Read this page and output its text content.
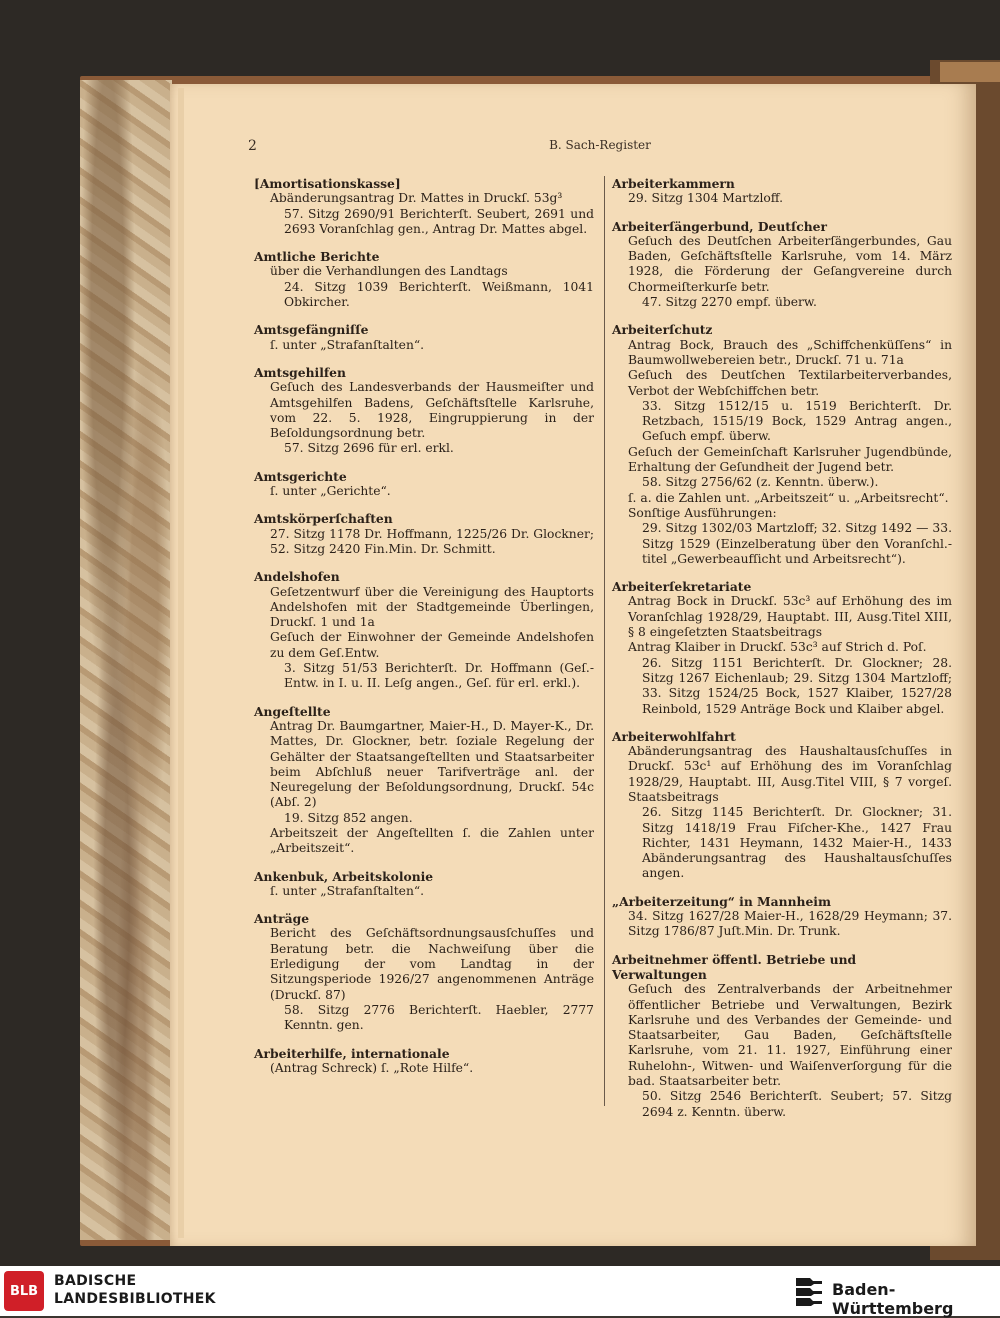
2	B. Sach-Register
[Amortisationskasse]
Abänderungsantrag Dr. Mattes in Druckſ. 53g³
57. Sitzg 2690/91 Berichterſt. Seubert, 2691 und 2693 Voranſchlag gen., Antrag Dr. Mattes abgel.
Amtliche Berichte
über die Verhandlungen des Landtags
24. Sitzg 1039 Berichterſt. Weißmann, 1041 Obkircher.
Amtsgefängniſſe
ſ. unter „Strafanſtalten“.
Amtsgehilfen
Geſuch des Landesverbands der Hausmeiſter und Amtsgehilfen Badens, Geſchäftsſtelle Karlsruhe, vom 22. 5. 1928, Eingruppierung in der Beſoldungsordnung betr.
57. Sitzg 2696 für erl. erkl.
Amtsgerichte
ſ. unter „Gerichte“.
Amtskörperſchaften
27. Sitzg 1178 Dr. Hoffmann, 1225/26 Dr. Glockner; 52. Sitzg 2420 Fin.Min. Dr. Schmitt.
Andelshofen
Geſetzentwurf über die Vereinigung des Hauptorts Andelshofen mit der Stadtgemeinde Überlingen, Druckſ. 1 und 1a
Geſuch der Einwohner der Gemeinde Andelshofen zu dem Geſ.Entw.
3. Sitzg 51/53 Berichterſt. Dr. Hoffmann (Geſ.-Entw. in I. u. II. Leſg angen., Geſ. für erl. erkl.).
Angeſtellte
Antrag Dr. Baumgartner, Maier-H., D. Mayer-K., Dr. Mattes, Dr. Glockner, betr. ſoziale Regelung der Gehälter der Staatsangeſtellten und Staatsarbeiter beim Abſchluß neuer Tarifverträge anl. der Neuregelung der Beſoldungsordnung, Druckſ. 54c (Abſ. 2)
19. Sitzg 852 angen.
Arbeitszeit der Angeſtellten ſ. die Zahlen unter „Arbeitszeit“.
Ankenbuk, Arbeitskolonie
ſ. unter „Strafanſtalten“.
Anträge
Bericht des Geſchäftsordnungsausſchuſſes und Beratung betr. die Nachweiſung über die Erledigung der vom Landtag in der Sitzungsperiode 1926/27 angenommenen Anträge (Druckſ. 87)
58. Sitzg 2776 Berichterſt. Haebler, 2777 Kenntn. gen.
Arbeiterhilfe, internationale
(Antrag Schreck) ſ. „Rote Hilfe“.
Arbeiterkammern
29. Sitzg 1304 Martzloff.
Arbeiterſängerbund, Deutſcher
Geſuch des Deutſchen Arbeiterſängerbundes, Gau Baden, Geſchäftsſtelle Karlsruhe, vom 14. März 1928, die Förderung der Geſangvereine durch Chormeiſterkurſe betr.
47. Sitzg 2270 empf. überw.
Arbeiterſchutz
Antrag Bock, Brauch des „Schiffchenküſſens“ in Baumwollwebereien betr., Druckſ. 71 u. 71a
Geſuch des Deutſchen Textilarbeiterverbandes, Verbot der Webſchiffchen betr.
33. Sitzg 1512/15 u. 1519 Berichterſt. Dr. Retzbach, 1515/19 Bock, 1529 Antrag angen., Geſuch empf. überw.
Geſuch der Gemeinſchaft Karlsruher Jugendbünde, Erhaltung der Geſundheit der Jugend betr.
58. Sitzg 2756/62 (z. Kenntn. überw.).
ſ. a. die Zahlen unt. „Arbeitszeit“ u. „Arbeitsrecht“.
Sonſtige Ausführungen:
29. Sitzg 1302/03 Martzloff; 32. Sitzg 1492 — 33. Sitzg 1529 (Einzelberatung über den Voranſchl.-titel „Gewerbeaufſicht und Arbeitsrecht“).
Arbeiterſekretariate
Antrag Bock in Druckſ. 53c³ auf Erhöhung des im Voranſchlag 1928/29, Hauptabt. III, Ausg.Titel XIII, § 8 eingeſetzten Staatsbeitrags
Antrag Klaiber in Druckſ. 53c³ auf Strich d. Poſ.
26. Sitzg 1151 Berichterſt. Dr. Glockner; 28. Sitzg 1267 Eichenlaub; 29. Sitzg 1304 Martzloff; 33. Sitzg 1524/25 Bock, 1527 Klaiber, 1527/28 Reinbold, 1529 Anträge Bock und Klaiber abgel.
Arbeiterwohlfahrt
Abänderungsantrag des Haushaltausſchuſſes in Druckſ. 53c¹ auf Erhöhung des im Voranſchlag 1928/29, Hauptabt. III, Ausg.Titel VIII, § 7 vorgeſ. Staatsbeitrags
26. Sitzg 1145 Berichterſt. Dr. Glockner; 31. Sitzg 1418/19 Frau Fiſcher-Khe., 1427 Frau Richter, 1431 Heymann, 1432 Maier-H., 1433 Abänderungsantrag des Haushaltausſchuſſes angen.
„Arbeiterzeitung“ in Mannheim
34. Sitzg 1627/28 Maier-H., 1628/29 Heymann; 37. Sitzg 1786/87 Juſt.Min. Dr. Trunk.
Arbeitnehmer öffentl. Betriebe und Verwaltungen
Geſuch des Zentralverbands der Arbeitnehmer öffentlicher Betriebe und Verwaltungen, Bezirk Karlsruhe und des Verbandes der Gemeinde- und Staatsarbeiter, Gau Baden, Geſchäftsſtelle Karlsruhe, vom 21. 11. 1927, Einführung einer Ruhelohn-, Witwen- und Waiſenverſorgung für die bad. Staatsarbeiter betr.
50. Sitzg 2546 Berichterſt. Seubert; 57. Sitzg 2694 z. Kenntn. überw.
BLB
BADISCHE
LANDESBIBLIOTHEK	Baden-Württemberg
